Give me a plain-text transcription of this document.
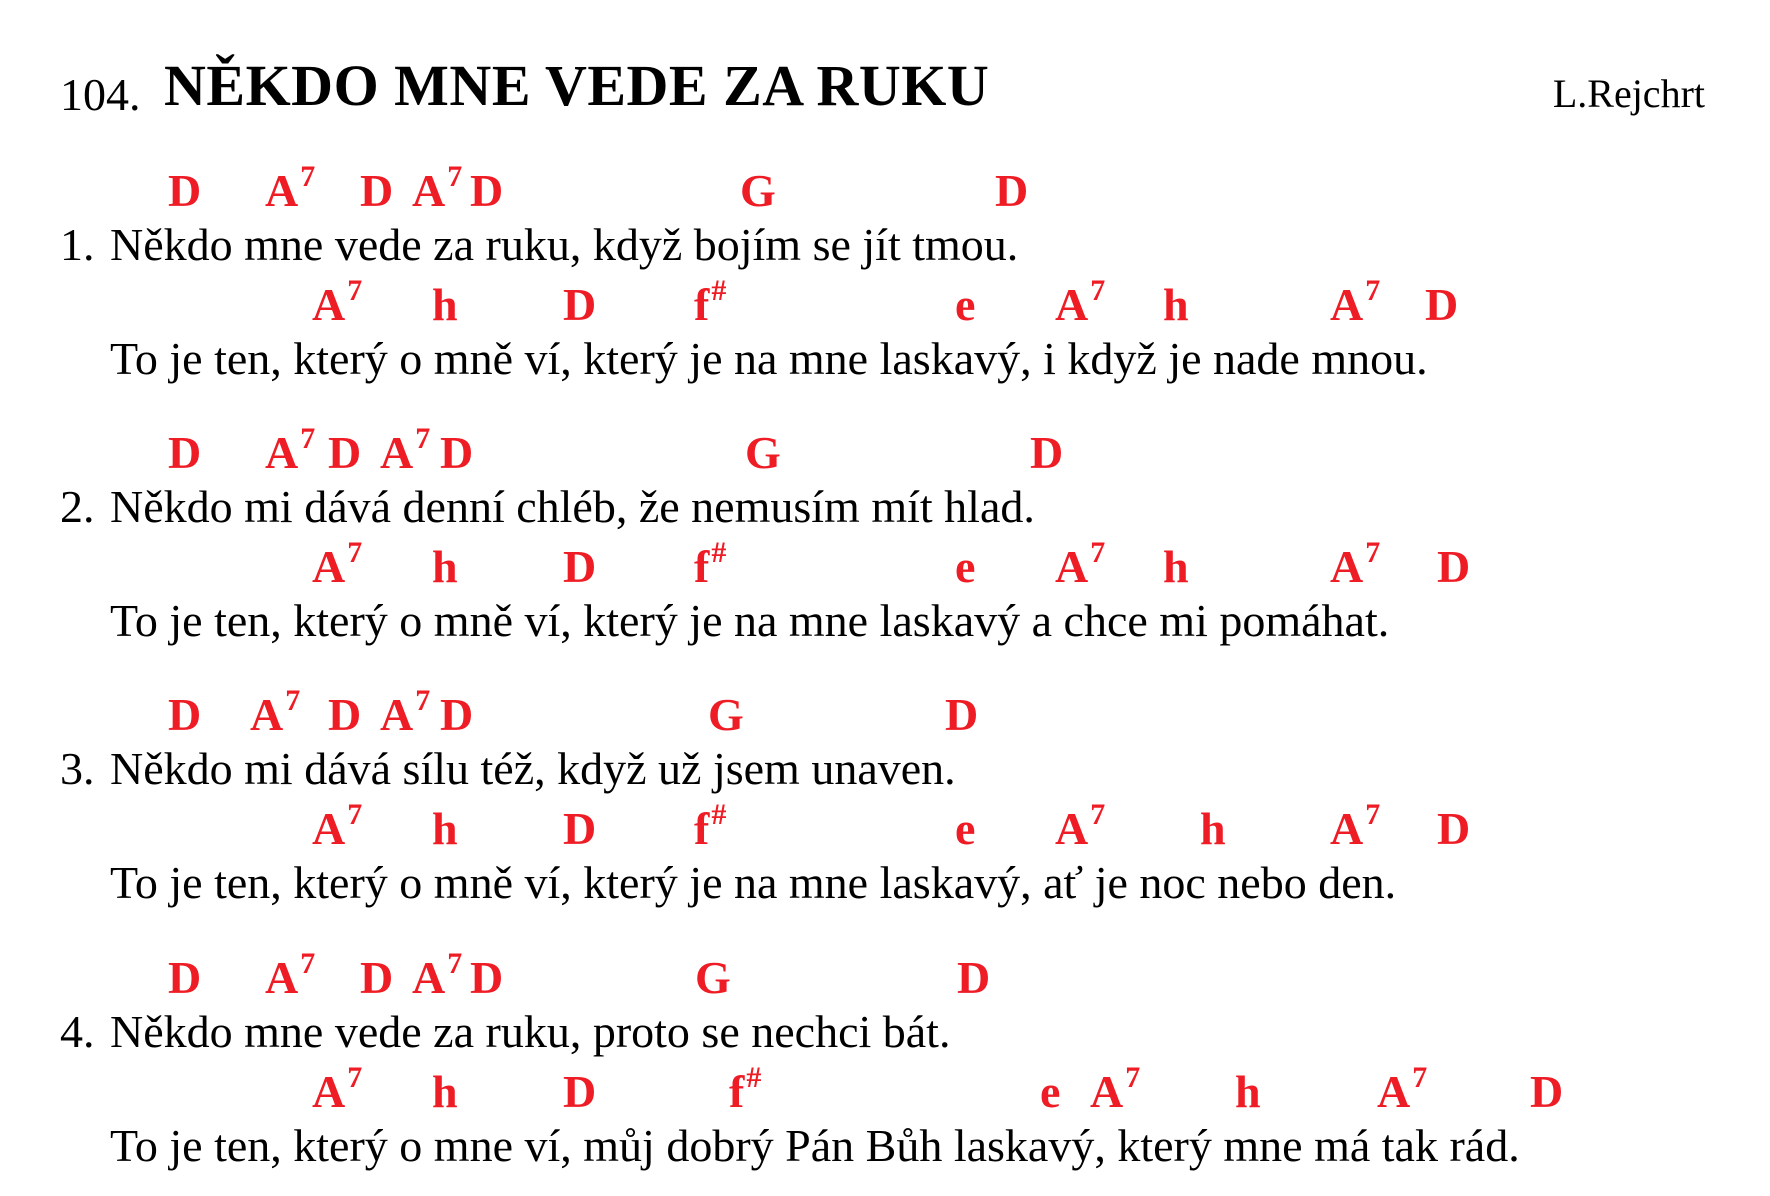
104. NĚKDO MNE VEDE ZA RUKU	L.Rejchrt
D $A^7$ D $A^7$ D	G	D
1. Někdo mne vede za ruku, když bojím se jít tmou.
$A^7$ h D f#	e $A^7$ h	$A^7$ D
To je ten, který o mně ví, který je na mne laskavý, i když je nade mnou.
D $A^7$ D $A^7$ D	G	D
2. Někdo mi dává denní chléb, že nemusím mít hlad.
$A^7$ h D f#	e $A^7$ h	$A^7$ D
To je ten, který o mně ví, který je na mne laskavý a chce mi pomáhat.
D $A^7$ D $A^7$ D	G	D
3. Někdo mi dává sílu též, když už jsem unaven.
$A^7$ h D f#	e $A^7$ h $A^7$ D
To je ten, který o mně ví, který je na mne laskavý, ať je noc nebo den.
D $A^7$ D $A^7$ D	G	D
4. Někdo mne vede za ruku, proto se nechci bát.
$A^7$ h D	f#	e $A^7$ h	$A^7$ D
To je ten, který o mne ví, můj dobrý Pán Bůh laskavý, který mne má tak rád.
